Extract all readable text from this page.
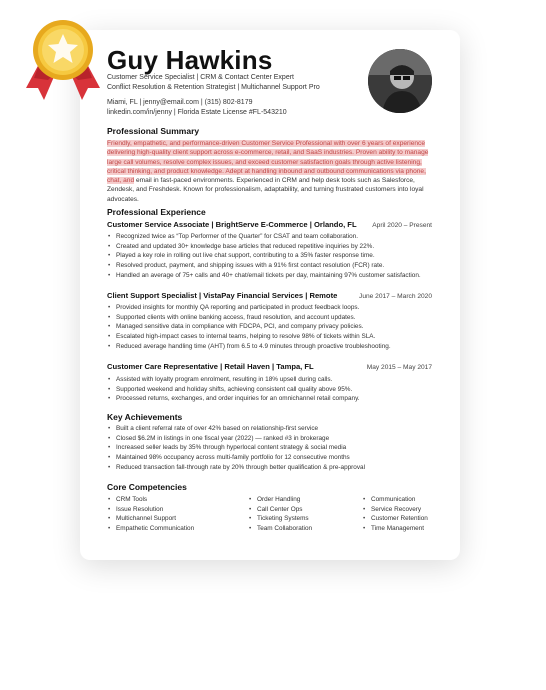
Guy Hawkins
Customer Service Specialist | CRM & Contact Center Expert
Conflict Resolution & Retention Strategist | Multichannel Support Pro
Miami, FL | jenny@email.com | (315) 802-8179
linkedin.com/in/jenny | Florida Estate License #FL-543210
Professional Summary
Friendly, empathetic, and performance-driven Customer Service Professional with over 6 years of experience delivering high-quality client support across e-commerce, retail, and SaaS industries. Proven ability to manage large call volumes, resolve complex issues, and exceed customer satisfaction goals through active listening, critical thinking, and product knowledge. Adept at handling inbound and outbound communications via phone, chat, and email in fast-paced environments. Experienced in CRM and help desk tools such as Salesforce, Zendesk, and Freshdesk. Known for professionalism, adaptability, and turning frustrated customers into loyal advocates.
Professional Experience
Customer Service Associate | BrightServe E-Commerce | Orlando, FL April 2020 – Present
• Recognized twice as “Top Performer of the Quarter” for CSAT and team collaboration.
• Created and updated 30+ knowledge base articles that reduced repetitive inquiries by 22%.
• Played a key role in rolling out live chat support, contributing to a 35% faster response time.
• Resolved product, payment, and shipping issues with a 91% first contact resolution (FCR) rate.
• Handled an average of 75+ calls and 40+ chat/email tickets per day, maintaining 97% customer satisfaction.
Client Support Specialist | VistaPay Financial Services | Remote	June 2017 – March 2020
• Provided insights for monthly QA reporting and participated in product feedback loops.
• Supported clients with online banking access, fraud resolution, and account updates.
• Managed sensitive data in compliance with FDCPA, PCI, and company privacy policies.
• Escalated high-impact cases to internal teams, helping to resolve 98% of tickets within SLA.
• Reduced average handling time (AHT) from 6.5 to 4.9 minutes through proactive troubleshooting.
Customer Care Representative | Retail Haven | Tampa, FL	May 2015 – May 2017
• Assisted with loyalty program enrolment, resulting in 18% upsell during calls.
• Supported weekend and holiday shifts, achieving consistent call quality above 95%.
• Processed returns, exchanges, and order inquiries for an omnichannel retail company.
Key Achievements
• Built a client referral rate of over 42% based on relationship-first service
• Closed $6.2M in listings in one fiscal year (2022) — ranked #3 in brokerage
• Increased seller leads by 35% through hyperlocal content strategy & social media
• Maintained 98% occupancy across multi-family portfolio for 12 consecutive months
• Reduced transaction fall-through rate by 20% through better qualification & pre-approval
Core Competencies
• CRM Tools
• Issue Resolution
• Multichannel Support
• Empathetic Communication
• Order Handling
• Call Center Ops
• Ticketing Systems
• Team Collaboration
• Communication
• Service Recovery
• Customer Retention
• Time Management
